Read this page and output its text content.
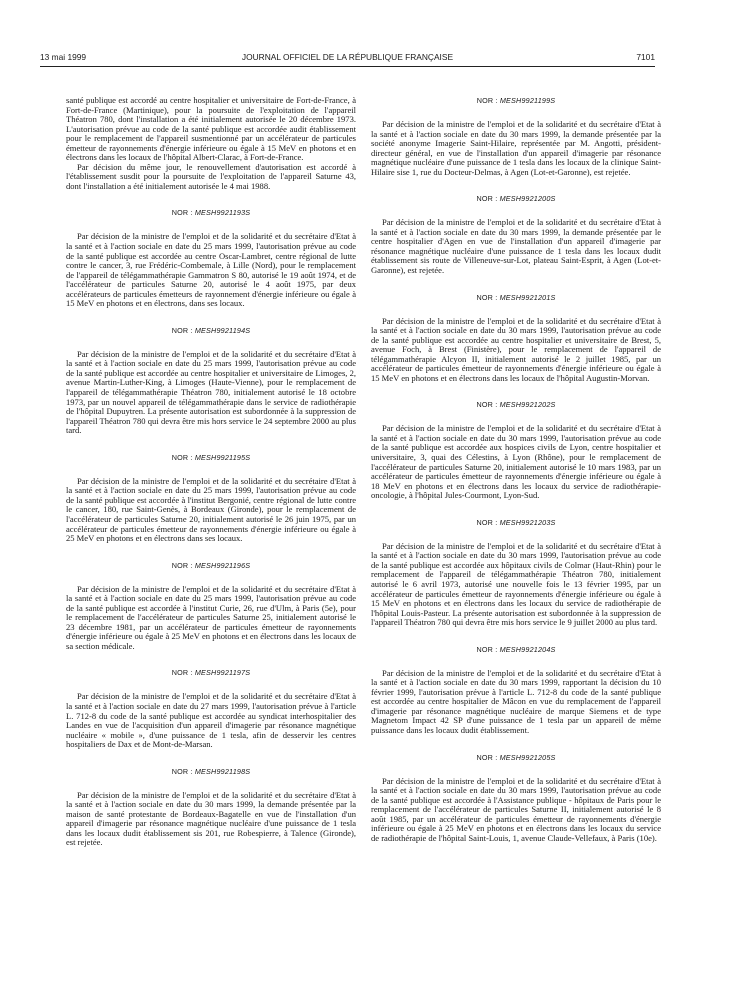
13 mai 1999	JOURNAL OFFICIEL DE LA RÉPUBLIQUE FRANÇAISE	7101

santé publique est accordé au centre hospitalier et universitaire de Fort-de-France, à Fort-de-France (Martinique), pour la poursuite de l'exploitation de l'appareil Théatron 780, dont l'installation a été initialement autorisée le 20 décembre 1973. L'autorisation prévue au code de la santé publique est accordée audit établissement pour le remplacement de l'appareil susmentionné par un accélérateur de particules émetteur de rayonnements d'énergie inférieure ou égale à 15 MeV en photons et en électrons dans les locaux de l'hôpital Albert-Clarac, à Fort-de-France.

Par décision du même jour, le renouvellement d'autorisation est accordé à l'établissement susdit pour la poursuite de l'exploitation de l'appareil Saturne 43, dont l'installation a été initialement autorisée le 4 mai 1988.

NOR : MESH9921193S

Par décision de la ministre de l'emploi et de la solidarité et du secrétaire d'Etat à la santé et à l'action sociale en date du 25 mars 1999, l'autorisation prévue au code de la santé publique est accordée au centre Oscar-Lambret, centre régional de lutte contre le cancer, 3, rue Frédéric-Combemale, à Lille (Nord), pour le remplacement de l'appareil de télégammathérapie Gammatron S 80, autorisé le 19 août 1974, et de l'accélérateur de particules Saturne 20, autorisé le 4 août 1975, par deux accélérateurs de particules émetteurs de rayonnement d'énergie inférieure ou égale à 15 MeV en photons et en électrons, dans ses locaux.

NOR : MESH9921194S

Par décision de la ministre de l'emploi et de la solidarité et du secrétaire d'Etat à la santé et à l'action sociale en date du 25 mars 1999, l'autorisation prévue au code de la santé publique est accordée au centre hospitalier et universitaire de Limoges, 2, avenue Martin-Luther-King, à Limoges (Haute-Vienne), pour le remplacement de l'appareil de télégammathérapie Théatron 780, initialement autorisé le 18 octobre 1973, par un nouvel appareil de télégammathérapie dans le service de radiothérapie de l'hôpital Dupuytren. La présente autorisation est subordonnée à la suppression de l'appareil Théatron 780 qui devra être mis hors service le 24 septembre 2000 au plus tard.

NOR : MESH9921195S

Par décision de la ministre de l'emploi et de la solidarité et du secrétaire d'Etat à la santé et à l'action sociale en date du 25 mars 1999, l'autorisation prévue au code de la santé publique est accordée à l'institut Bergonié, centre régional de lutte contre le cancer, 180, rue Saint-Genès, à Bordeaux (Gironde), pour le remplacement de l'accélérateur de particules Saturne 20, initialement autorisé le 26 juin 1975, par un accélérateur de particules émetteur de rayonnements d'énergie inférieure ou égale à 25 MeV en photons et en électrons dans ses locaux.

NOR : MESH9921196S

Par décision de la ministre de l'emploi et de la solidarité et du secrétaire d'Etat à la santé et à l'action sociale en date du 25 mars 1999, l'autorisation prévue au code de la santé publique est accordée à l'institut Curie, 26, rue d'Ulm, à Paris (5e), pour le remplacement de l'accélérateur de particules Saturne 25, initialement autorisé le 23 décembre 1981, par un accélérateur de particules émetteur de rayonnements d'énergie inférieure ou égale à 25 MeV en photons et en électrons dans les locaux de sa section médicale.

NOR : MESH9921197S

Par décision de la ministre de l'emploi et de la solidarité et du secrétaire d'Etat à la santé et à l'action sociale en date du 27 mars 1999, l'autorisation prévue à l'article L. 712-8 du code de la santé publique est accordée au syndicat interhospitalier des Landes en vue de l'acquisition d'un appareil d'imagerie par résonance magnétique nucléaire « mobile », d'une puissance de 1 tesla, afin de desservir les centres hospitaliers de Dax et de Mont-de-Marsan.

NOR : MESH9921198S

Par décision de la ministre de l'emploi et de la solidarité et du secrétaire d'Etat à la santé et à l'action sociale en date du 30 mars 1999, la demande présentée par la maison de santé protestante de Bordeaux-Bagatelle en vue de l'installation d'un appareil d'imagerie par résonance magnétique nucléaire d'une puissance de 1 tesla dans les locaux dudit établissement sis 201, rue Robespierre, à Talence (Gironde), est rejetée.

NOR : MESH9921199S

Par décision de la ministre de l'emploi et de la solidarité et du secrétaire d'Etat à la santé et à l'action sociale en date du 30 mars 1999, la demande présentée par la société anonyme Imagerie Saint-Hilaire, représentée par M. Angotti, président-directeur général, en vue de l'installation d'un appareil d'imagerie par résonance magnétique nucléaire d'une puissance de 1 tesla dans les locaux de la clinique Saint-Hilaire sise 1, rue du Docteur-Delmas, à Agen (Lot-et-Garonne), est rejetée.

NOR : MESH9921200S

Par décision de la ministre de l'emploi et de la solidarité et du secrétaire d'Etat à la santé et à l'action sociale en date du 30 mars 1999, la demande présentée par le centre hospitalier d'Agen en vue de l'installation d'un appareil d'imagerie par résonance magnétique nucléaire d'une puissance de 1 tesla dans les locaux dudit établissement sis route de Villeneuve-sur-Lot, plateau Saint-Esprit, à Agen (Lot-et-Garonne), est rejetée.

NOR : MESH9921201S

Par décision de la ministre de l'emploi et de la solidarité et du secrétaire d'Etat à la santé et à l'action sociale en date du 30 mars 1999, l'autorisation prévue au code de la santé publique est accordée au centre hospitalier et universitaire de Brest, 5, avenue Foch, à Brest (Finistère), pour le remplacement de l'appareil de télégammathérapie Alcyon II, initialement autorisé le 2 juillet 1985, par un accélérateur de particules émetteur de rayonnements d'énergie inférieure ou égale à 15 MeV en photons et en électrons dans les locaux de l'hôpital Augustin-Morvan.

NOR : MESH9921202S

Par décision de la ministre de l'emploi et de la solidarité et du secrétaire d'Etat à la santé et à l'action sociale en date du 30 mars 1999, l'autorisation prévue au code de la santé publique est accordée aux hospices civils de Lyon, centre hospitalier et universitaire, 3, quai des Célestins, à Lyon (Rhône), pour le remplacement de l'accélérateur de particules Saturne 20, initialement autorisé le 10 mars 1983, par un accélérateur de particules émetteur de rayonnements d'énergie inférieure ou égale à 18 MeV en photons et en électrons dans les locaux du service de radiothérapie-oncologie, à l'hôpital Jules-Courmont, Lyon-Sud.

NOR : MESH9921203S

Par décision de la ministre de l'emploi et de la solidarité et du secrétaire d'Etat à la santé et à l'action sociale en date du 30 mars 1999, l'autorisation prévue au code de la santé publique est accordée aux hôpitaux civils de Colmar (Haut-Rhin) pour le remplacement de l'appareil de télégammathérapie Théatron 780, initialement autorisé le 6 avril 1973, autorisé une nouvelle fois le 13 février 1995, par un accélérateur de particules émetteur de rayonnements d'énergie inférieure ou égale à 15 MeV en photons et en électrons dans les locaux du service de radiothérapie de l'hôpital Louis-Pasteur. La présente autorisation est subordonnée à la suppression de l'appareil Théatron 780 qui devra être mis hors service le 9 juillet 2000 au plus tard.

NOR : MESH9921204S

Par décision de la ministre de l'emploi et de la solidarité et du secrétaire d'Etat à la santé et à l'action sociale en date du 30 mars 1999, rapportant la décision du 10 février 1999, l'autorisation prévue à l'article L. 712-8 du code de la santé publique est accordée au centre hospitalier de Mâcon en vue du remplacement de l'appareil d'imagerie par résonance magnétique nucléaire de marque Siemens et de type Magnetom Impact 42 SP d'une puissance de 1 tesla par un appareil de même puissance dans les locaux dudit établissement.

NOR : MESH9921205S

Par décision de la ministre de l'emploi et de la solidarité et du secrétaire d'Etat à la santé et à l'action sociale en date du 30 mars 1999, l'autorisation prévue au code de la santé publique est accordée à l'Assistance publique - hôpitaux de Paris pour le remplacement de l'accélérateur de particules Saturne II, initialement autorisé le 8 août 1985, par un accélérateur de particules émetteur de rayonnements d'énergie inférieure ou égale à 25 MeV en photons et en électrons dans les locaux du service de radiothérapie de l'hôpital Saint-Louis, 1, avenue Claude-Vellefaux, à Paris (10e).
